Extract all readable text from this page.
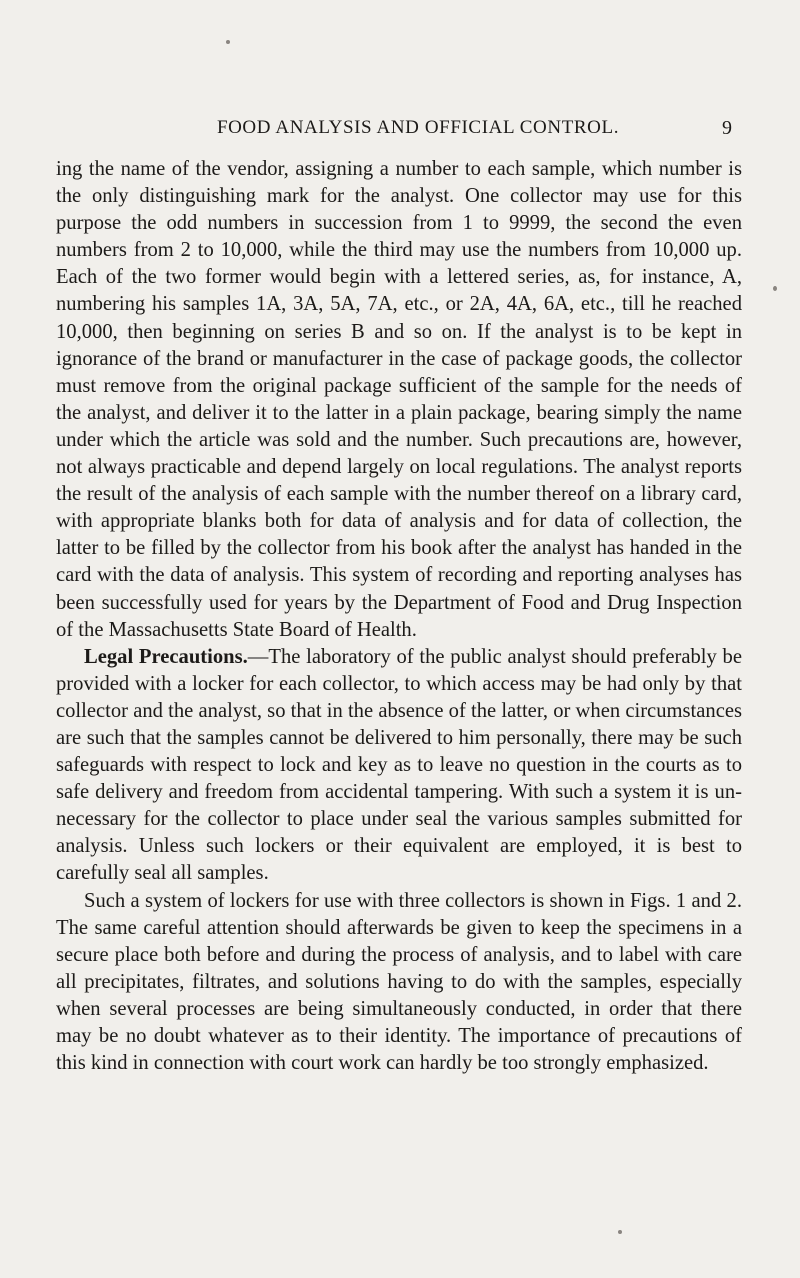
FOOD ANALYSIS AND OFFICIAL CONTROL.	9

ing the name of the vendor, assigning a number to each sample, which number is the only distinguishing mark for the analyst. One collector may use for this purpose the odd numbers in succession from 1 to 9999, the second the even numbers from 2 to 10,000, while the third may use the numbers from 10,000 up. Each of the two former would begin with a lettered series, as, for instance, A, numbering his samples 1A, 3A, 5A, 7A, etc., or 2A, 4A, 6A, etc., till he reached 10,000, then beginning on series B and so on. If the analyst is to be kept in ignorance of the brand or manufacturer in the case of package goods, the collector must remove from the original package sufficient of the sample for the needs of the analyst, and deliver it to the latter in a plain package, bearing simply the name under which the article was sold and the number. Such precautions are, however, not always practicable and depend largely on local regulations. The analyst reports the result of the analysis of each sample with the number thereof on a library card, with appropriate blanks both for data of analysis and for data of collection, the latter to be filled by the collector from his book after the analyst has handed in the card with the data of analysis. This system of recording and reporting analyses has been successfully used for years by the Department of Food and Drug Inspection of the Massachusetts State Board of Health.

Legal Precautions.—The laboratory of the public analyst should preferably be provided with a locker for each collector, to which access may be had only by that collector and the analyst, so that in the absence of the latter, or when circumstances are such that the samples cannot be delivered to him personally, there may be such safeguards with respect to lock and key as to leave no question in the courts as to safe delivery and freedom from accidental tampering. With such a system it is unnecessary for the collector to place under seal the various samples submitted for analysis. Unless such lockers or their equivalent are employed, it is best to carefully seal all samples.

Such a system of lockers for use with three collectors is shown in Figs. 1 and 2. The same careful attention should afterwards be given to keep the specimens in a secure place both before and during the process of analysis, and to label with care all precipitates, filtrates, and solutions having to do with the samples, especially when several processes are being simultaneously conducted, in order that there may be no doubt whatever as to their identity. The importance of precautions of this kind in connection with court work can hardly be too strongly emphasized.
